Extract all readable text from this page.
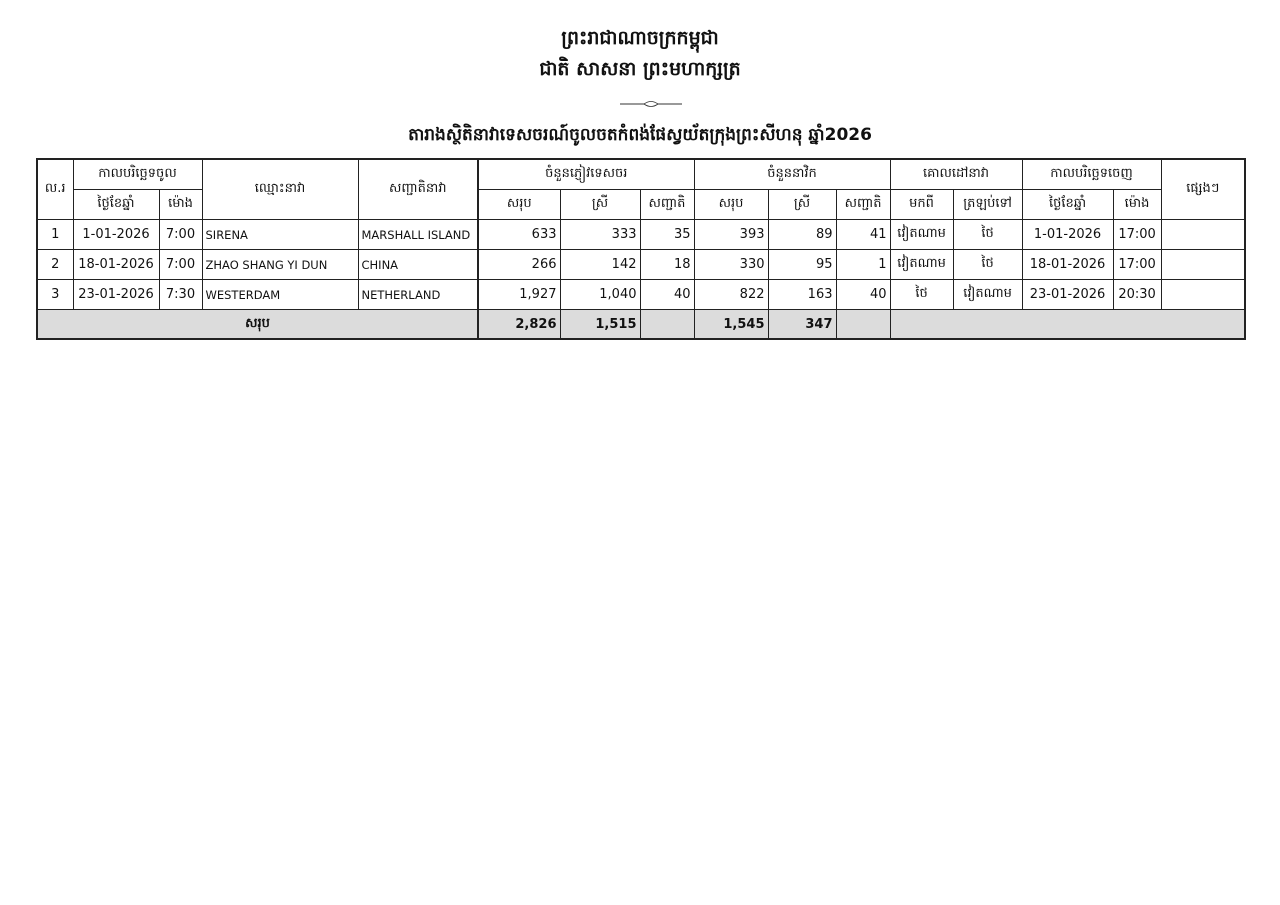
ព្រះរាជាណាចក្រកម្ពុជា
ជាតិ សាសនា ព្រះមហាក្សត្រ
តារាងស្ថិតិនាវាទេសចរណ៍ចូលចតកំពង់ផែស្វយ័តក្រុងព្រះសីហនុ ឆ្នាំ2026
ល.រ	កាលបរិច្ឆេទចូល		ឈ្មោះនាវា	សញ្ជាតិនាវា	ចំនួនភ្ញៀវទេសចរ			ចំនួននាវិក			គោលដៅនាវា		កាលបរិច្ឆេទចេញ		ផ្សេងៗ
	ថ្ងៃខែឆ្នាំ	ម៉ោង			សរុប	ស្រី	សញ្ជាតិ	សរុប	ស្រី	សញ្ជាតិ	មកពី	ត្រឡប់ទៅ	ថ្ងៃខែឆ្នាំ	ម៉ោង	
1	1-01-2026	7:00	SIRENA	MARSHALL ISLAND	633	333	35	393	89	41	វៀតណាម	ថៃ	1-01-2026	17:00	
2	18-01-2026	7:00	ZHAO SHANG YI DUN	CHINA	266	142	18	330	95	1	វៀតណាម	ថៃ	18-01-2026	17:00	
3	23-01-2026	7:30	WESTERDAM	NETHERLAND	1,927	1,040	40	822	163	40	ថៃ	វៀតណាម	23-01-2026	20:30	
សរុប					2,826	1,515		1,545	347						
